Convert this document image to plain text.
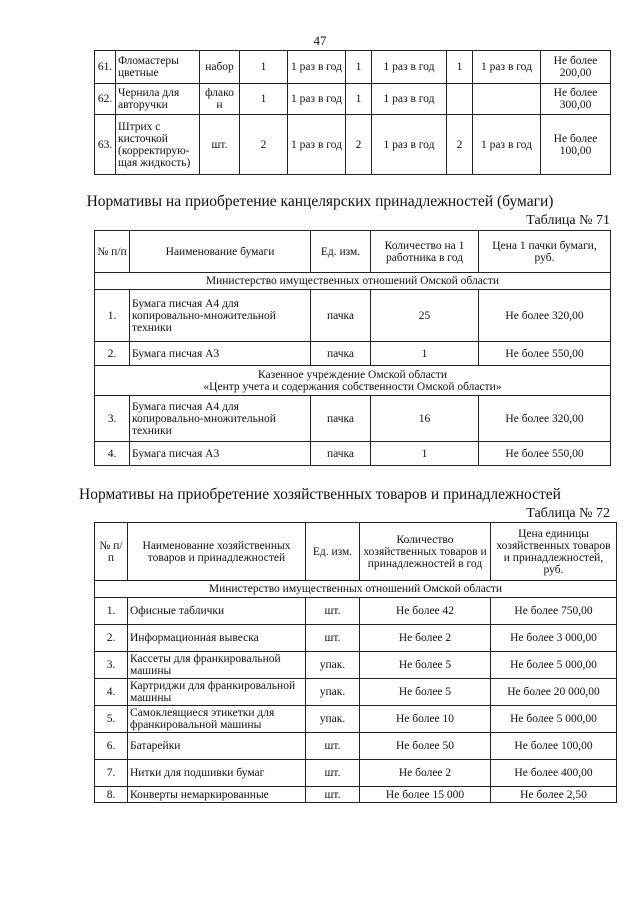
47
61.	Фломастеры цветные	набор	1	1 раз в год	1	1 раз в год	1	1 раз в год	Не более 200,00
62.	Чернила для авторучки	флако н	1	1 раз в год	1	1 раз в год			Не более 300,00
63.	Штрих с кисточкой (корректирую-щая жидкость)	шт.	2	1 раз в год	2	1 раз в год	2	1 раз в год	Не более 100,00
Нормативы на приобретение канцелярских принадлежностей (бумаги)
Таблица № 71
№ п/п	Наименование бумаги	Ед. изм.	Количество на 1 работника в год	Цена 1 пачки бумаги, руб.
Министерство имущественных отношений Омской области				
1.	Бумага писчая А4 для копировально-множительной техники	пачка	25	Не более 320,00
2.	Бумага писчая А3	пачка	1	Не более 550,00

Казенное учреждение Омской области
«Центр учета и содержания собственности Омской области»				

3.	Бумага писчая А4 для копировально-множительной техники	пачка	16	Не более 320,00
4.	Бумага писчая А3	пачка	1	Не более 550,00
Нормативы на приобретение хозяйственных товаров и принадлежностей
Таблица № 72
№ п/п	Наименование хозяйственных товаров и принадлежностей	Ед. изм.	Количество хозяйственных товаров и принадлежностей в год	Цена единицы хозяйственных товаров и принадлежностей, руб.
Министерство имущественных отношений Омской области				
1.	Офисные таблички	шт.	Не более 42	Не более 750,00
2.	Информационная вывеска	шт.	Не более 2	Не более 3 000,00
3.	Кассеты для франкировальной машины	упак.	Не более 5	Не более 5 000,00
4.	Картриджи для франкировальной машины	упак.	Не более 5	Не более 20 000,00
5.	Самоклеящиеся этикетки для франкировальной машины	упак.	Не более 10	Не более 5 000,00
6.	Батарейки	шт.	Не более 50	Не более 100,00
7.	Нитки для подшивки бумаг	шт.	Не более 2	Не более 400,00
8.	Конверты немаркированные	шт.	Не более 15 000	Не более 2,50
